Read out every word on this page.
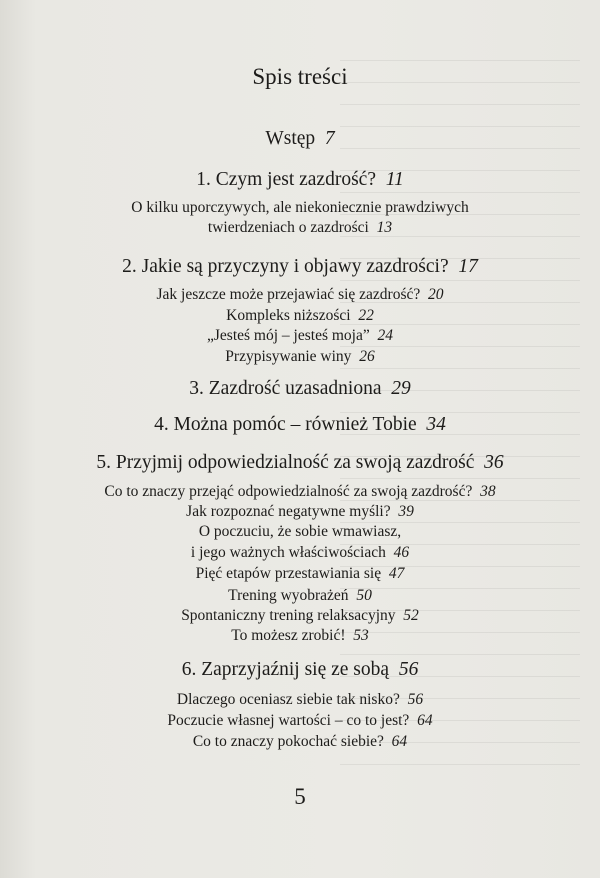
Spis treści
Wstęp 7
1. Czym jest zazdrość? 11
O kilku uporczywych, ale niekoniecznie prawdziwych
twierdzeniach o zazdrości 13
2. Jakie są przyczyny i objawy zazdrości? 17
Jak jeszcze może przejawiać się zazdrość? 20
Kompleks niższości 22
„Jesteś mój – jesteś moja” 24
Przypisywanie winy 26
3. Zazdrość uzasadniona 29
4. Można pomóc – również Tobie 34
5. Przyjmij odpowiedzialność za swoją zazdrość 36
Co to znaczy przejąć odpowiedzialność za swoją zazdrość? 38
Jak rozpoznać negatywne myśli? 39
O poczuciu, że sobie wmawiasz,
i jego ważnych właściwościach 46
Pięć etapów przestawiania się 47
Trening wyobrażeń 50
Spontaniczny trening relaksacyjny 52
To możesz zrobić! 53
6. Zaprzyjaźnij się ze sobą 56
Dlaczego oceniasz siebie tak nisko? 56
Poczucie własnej wartości – co to jest? 64
Co to znaczy pokochać siebie? 64
5
